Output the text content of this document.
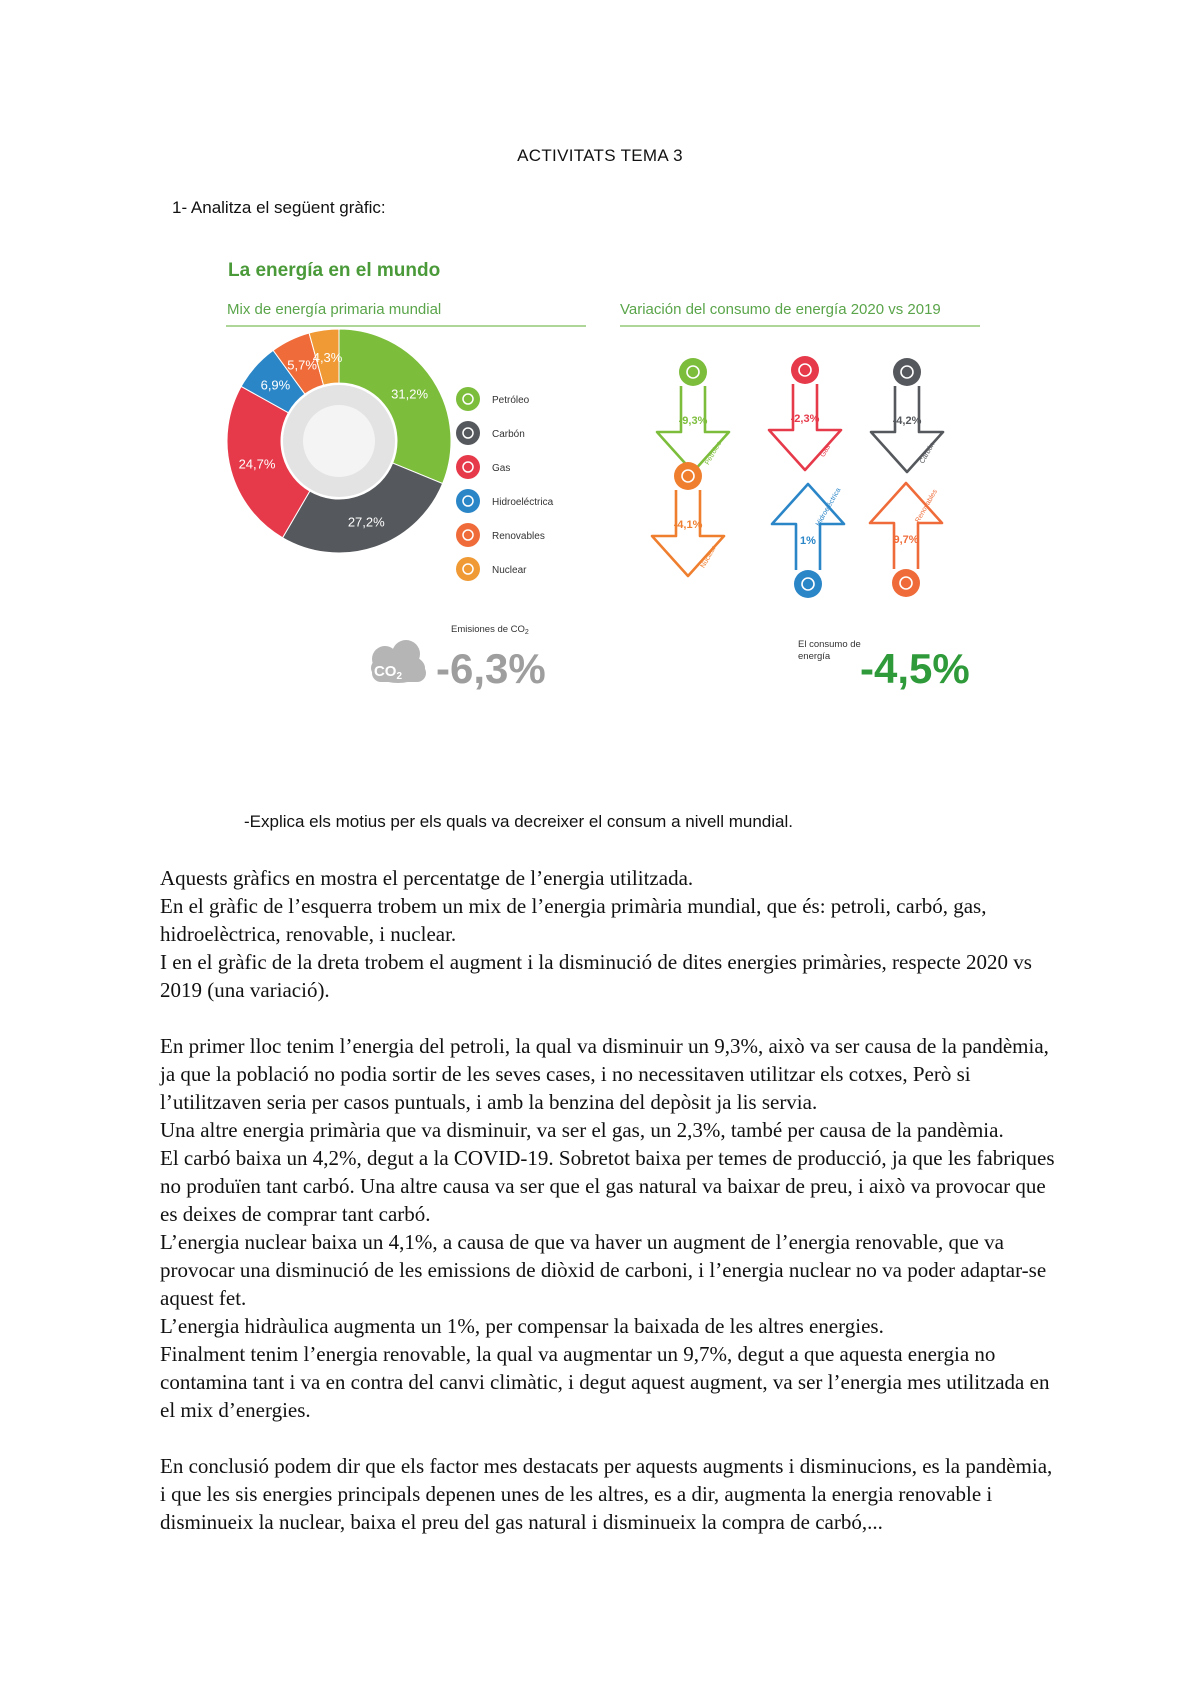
ACTIVITATS TEMA 3
1- Analitza el següent gràfic:
La energía en el mundo
Mix de energía primaria mundial	Variación del consumo de energía 2020 vs 2019
31,2%
27,2%
24,7%
6,9%
5,7%
4,3%
Petróleo
Carbón
Gas
Hidroeléctrica
Renovables
Nuclear
-9,3%
Petróleo
-2,3%
Gas
-4,2%
Carbón
-4,1%
Nuclear
1%
Hidroeléctrica
9,7%
Renovables
Emisiones de $CO_2$
$CO_2$ -6,3%
El consumo de
energía -4,5%
-Explica els motius per els quals va decreixer el consum a nivell mundial.

Aquests gràfics en mostra el percentatge de l’energia utilitzada.

En el gràfic de l’esquerra trobem un mix de l’energia primària mundial, que és: petroli, carbó, gas, hidroelèctrica, renovable, i nuclear.

I en el gràfic de la dreta trobem el augment i la disminució de dites energies primàries, respecte 2020 vs 2019 (una variació).

En primer lloc tenim l’energia del petroli, la qual va disminuir un 9,3%, això va ser causa de la pandèmia, ja que la població no podia sortir de les seves cases, i no necessitaven utilitzar els cotxes, Però si l’utilitzaven seria per casos puntuals, i amb la benzina del depòsit ja lis servia.

Una altre energia primària que va disminuir, va ser el gas, un 2,3%, també per causa de la pandèmia.

El carbó baixa un 4,2%, degut a la COVID-19. Sobretot baixa per temes de producció, ja que les fabriques no produïen tant carbó. Una altre causa va ser que el gas natural va baixar de preu, i això va provocar que es deixes de comprar tant carbó.

L’energia nuclear baixa un 4,1%, a causa de que va haver un augment de l’energia renovable, que va provocar una disminució de les emissions de diòxid de carboni, i l’energia nuclear no va poder adaptar-se aquest fet.

L’energia hidràulica augmenta un 1%, per compensar la baixada de les altres energies.

Finalment tenim l’energia renovable, la qual va augmentar un 9,7%, degut a que aquesta energia no contamina tant i va en contra del canvi climàtic, i degut aquest augment, va ser l’energia mes utilitzada en el mix d’energies.

En conclusió podem dir que els factor mes destacats per aquests augments i disminucions, es la pandèmia, i que les sis energies principals depenen unes de les altres, es a dir, augmenta la energia renovable i disminueix la nuclear, baixa el preu del gas natural i disminueix la compra de carbó,...
